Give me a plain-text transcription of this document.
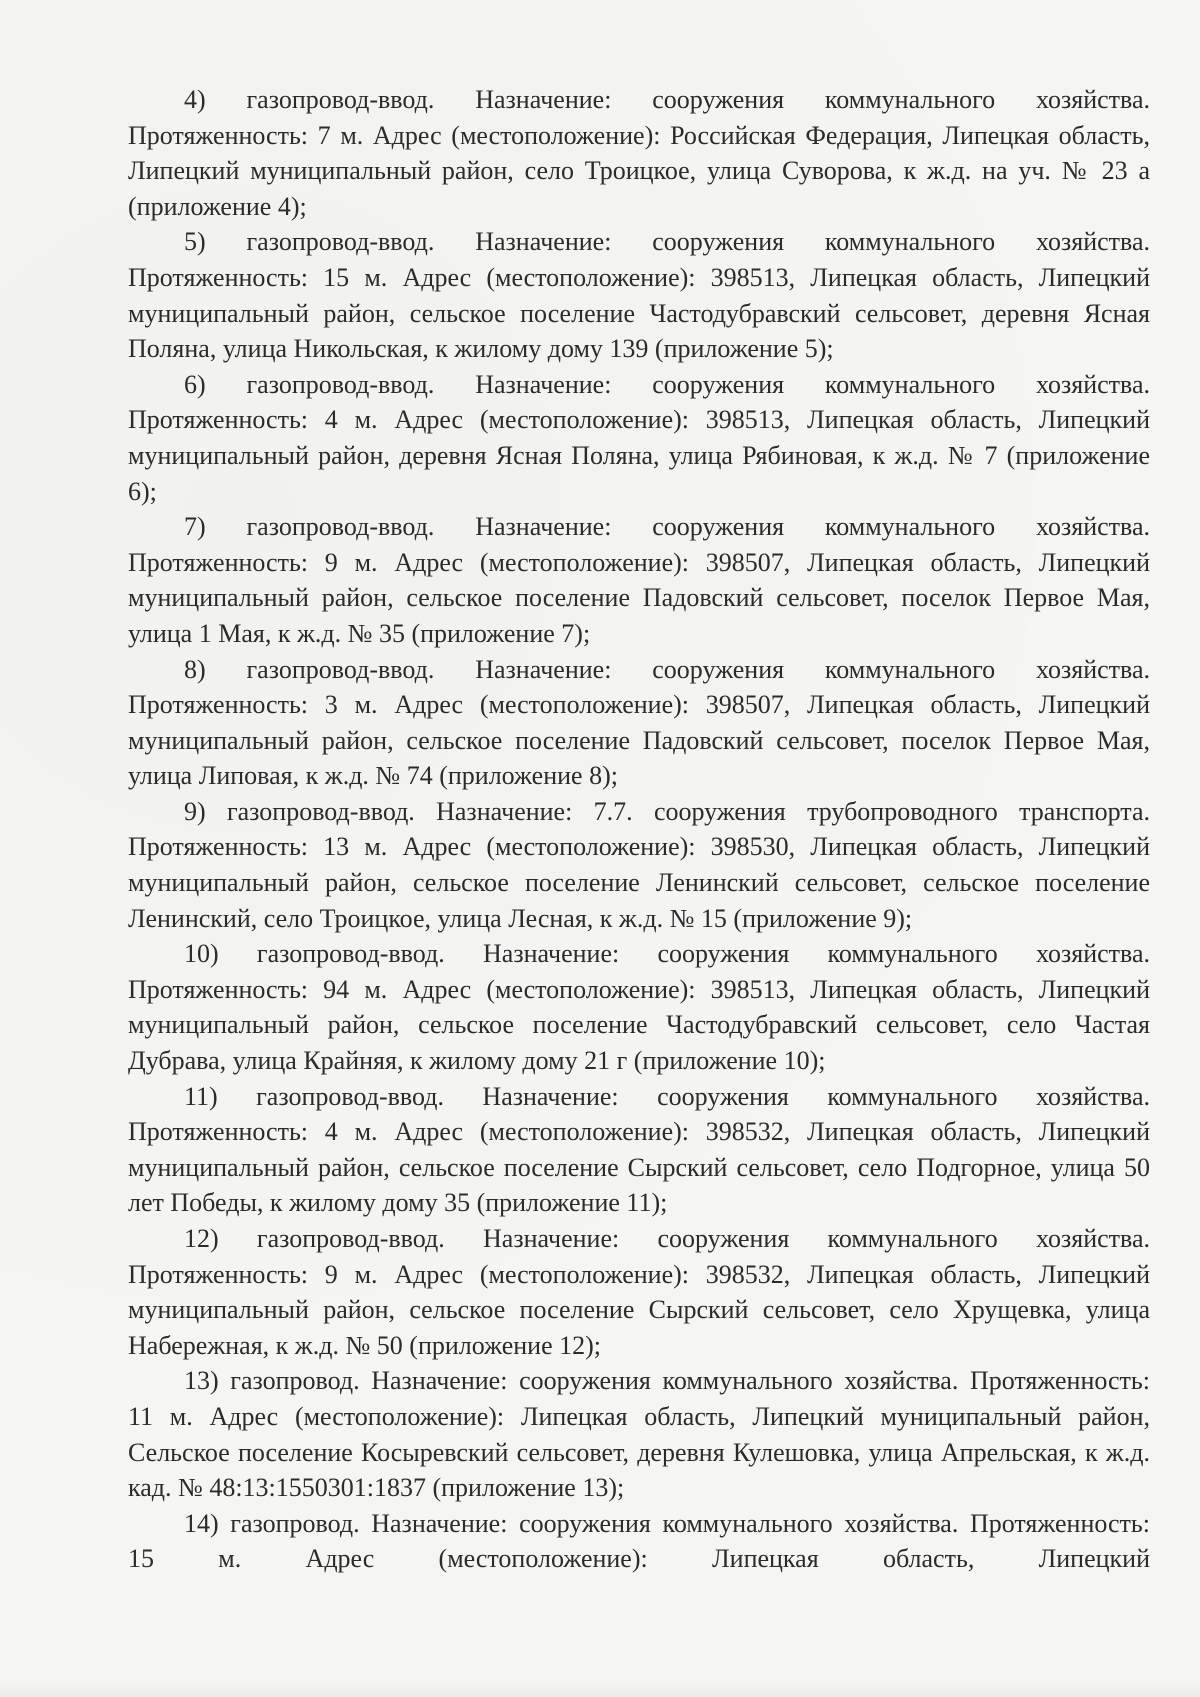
4) газопровод-ввод. Назначение: сооружения коммунального хозяйства. Протяженность: 7 м. Адрес (местоположение): Российская Федерация, Липецкая область, Липецкий муниципальный район, село Троицкое, улица Суворова, к ж.д. на уч. № 23 а (приложение 4);

5) газопровод-ввод. Назначение: сооружения коммунального хозяйства. Протяженность: 15 м. Адрес (местоположение): 398513, Липецкая область, Липецкий муниципальный район, сельское поселение Частодубравский сельсовет, деревня Ясная Поляна, улица Никольская, к жилому дому 139 (приложение 5);

6) газопровод-ввод. Назначение: сооружения коммунального хозяйства. Протяженность: 4 м. Адрес (местоположение): 398513, Липецкая область, Липецкий муниципальный район, деревня Ясная Поляна, улица Рябиновая, к ж.д. № 7 (приложение 6);

7) газопровод-ввод. Назначение: сооружения коммунального хозяйства. Протяженность: 9 м. Адрес (местоположение): 398507, Липецкая область, Липецкий муниципальный район, сельское поселение Падовский сельсовет, поселок Первое Мая, улица 1 Мая, к ж.д. № 35 (приложение 7);

8) газопровод-ввод. Назначение: сооружения коммунального хозяйства. Протяженность: 3 м. Адрес (местоположение): 398507, Липецкая область, Липецкий муниципальный район, сельское поселение Падовский сельсовет, поселок Первое Мая, улица Липовая, к ж.д. № 74 (приложение 8);

9) газопровод-ввод. Назначение: 7.7. сооружения трубопроводного транспорта. Протяженность: 13 м. Адрес (местоположение): 398530, Липецкая область, Липецкий муниципальный район, сельское поселение Ленинский сельсовет, сельское поселение Ленинский, село Троицкое, улица Лесная, к ж.д. № 15 (приложение 9);

10) газопровод-ввод. Назначение: сооружения коммунального хозяйства. Протяженность: 94 м. Адрес (местоположение): 398513, Липецкая область, Липецкий муниципальный район, сельское поселение Частодубравский сельсовет, село Частая Дубрава, улица Крайняя, к жилому дому 21 г (приложение 10);

11) газопровод-ввод. Назначение: сооружения коммунального хозяйства. Протяженность: 4 м. Адрес (местоположение): 398532, Липецкая область, Липецкий муниципальный район, сельское поселение Сырский сельсовет, село Подгорное, улица 50 лет Победы, к жилому дому 35 (приложение 11);

12) газопровод-ввод. Назначение: сооружения коммунального хозяйства. Протяженность: 9 м. Адрес (местоположение): 398532, Липецкая область, Липецкий муниципальный район, сельское поселение Сырский сельсовет, село Хрущевка, улица Набережная, к ж.д. № 50 (приложение 12);

13) газопровод. Назначение: сооружения коммунального хозяйства. Протяженность: 11 м. Адрес (местоположение): Липецкая область, Липецкий муниципальный район, Сельское поселение Косыревский сельсовет, деревня Кулешовка, улица Апрельская, к ж.д. кад. № 48:13:1550301:1837 (приложение 13);

14) газопровод. Назначение: сооружения коммунального хозяйства. Протяженность: 15 м. Адрес (местоположение): Липецкая область, Липецкий
